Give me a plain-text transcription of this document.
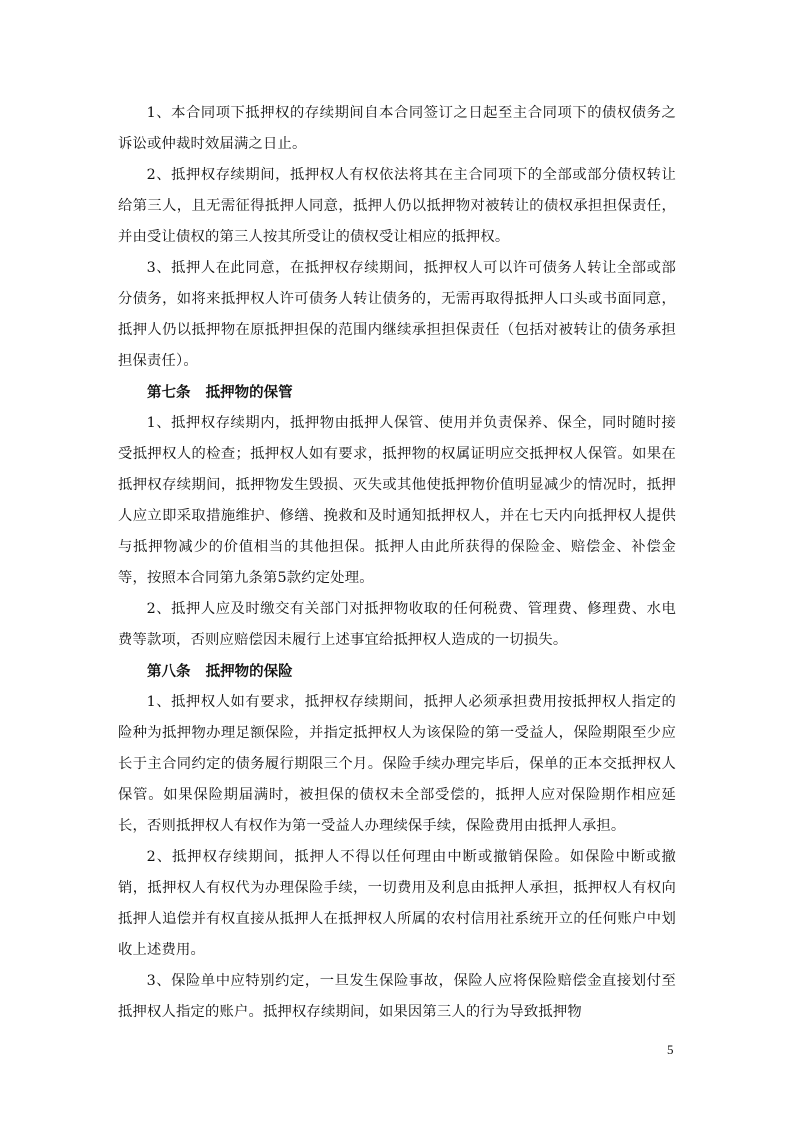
1、本合同项下抵押权的存续期间自本合同签订之日起至主合同项下的债权债务之诉讼或仲裁时效届满之日止。

2、抵押权存续期间，抵押权人有权依法将其在主合同项下的全部或部分债权转让给第三人，且无需征得抵押人同意，抵押人仍以抵押物对被转让的债权承担担保责任，并由受让债权的第三人按其所受让的债权受让相应的抵押权。

3、抵押人在此同意，在抵押权存续期间，抵押权人可以许可债务人转让全部或部分债务，如将来抵押权人许可债务人转让债务的，无需再取得抵押人口头或书面同意，抵押人仍以抵押物在原抵押担保的范围内继续承担担保责任（包括对被转让的债务承担担保责任）。

第七条   抵押物的保管

1、抵押权存续期内，抵押物由抵押人保管、使用并负责保养、保全，同时随时接受抵押权人的检查；抵押权人如有要求，抵押物的权属证明应交抵押权人保管。如果在抵押权存续期间，抵押物发生毁损、灭失或其他使抵押物价值明显减少的情况时，抵押人应立即采取措施维护、修缮、挽救和及时通知抵押权人，并在七天内向抵押权人提供与抵押物减少的价值相当的其他担保。抵押人由此所获得的保险金、赔偿金、补偿金等，按照本合同第九条第5款约定处理。

2、抵押人应及时缴交有关部门对抵押物收取的任何税费、管理费、修理费、水电费等款项，否则应赔偿因未履行上述事宜给抵押权人造成的一切损失。

第八条   抵押物的保险

1、抵押权人如有要求，抵押权存续期间，抵押人必须承担费用按抵押权人指定的险种为抵押物办理足额保险，并指定抵押权人为该保险的第一受益人，保险期限至少应长于主合同约定的债务履行期限三个月。保险手续办理完毕后，保单的正本交抵押权人保管。如果保险期届满时，被担保的债权未全部受偿的，抵押人应对保险期作相应延长，否则抵押权人有权作为第一受益人办理续保手续，保险费用由抵押人承担。

2、抵押权存续期间，抵押人不得以任何理由中断或撤销保险。如保险中断或撤销，抵押权人有权代为办理保险手续，一切费用及利息由抵押人承担，抵押权人有权向抵押人追偿并有权直接从抵押人在抵押权人所属的农村信用社系统开立的任何账户中划收上述费用。

3、保险单中应特别约定，一旦发生保险事故，保险人应将保险赔偿金直接划付至抵押权人指定的账户。抵押权存续期间，如果因第三人的行为导致抵押物

5
